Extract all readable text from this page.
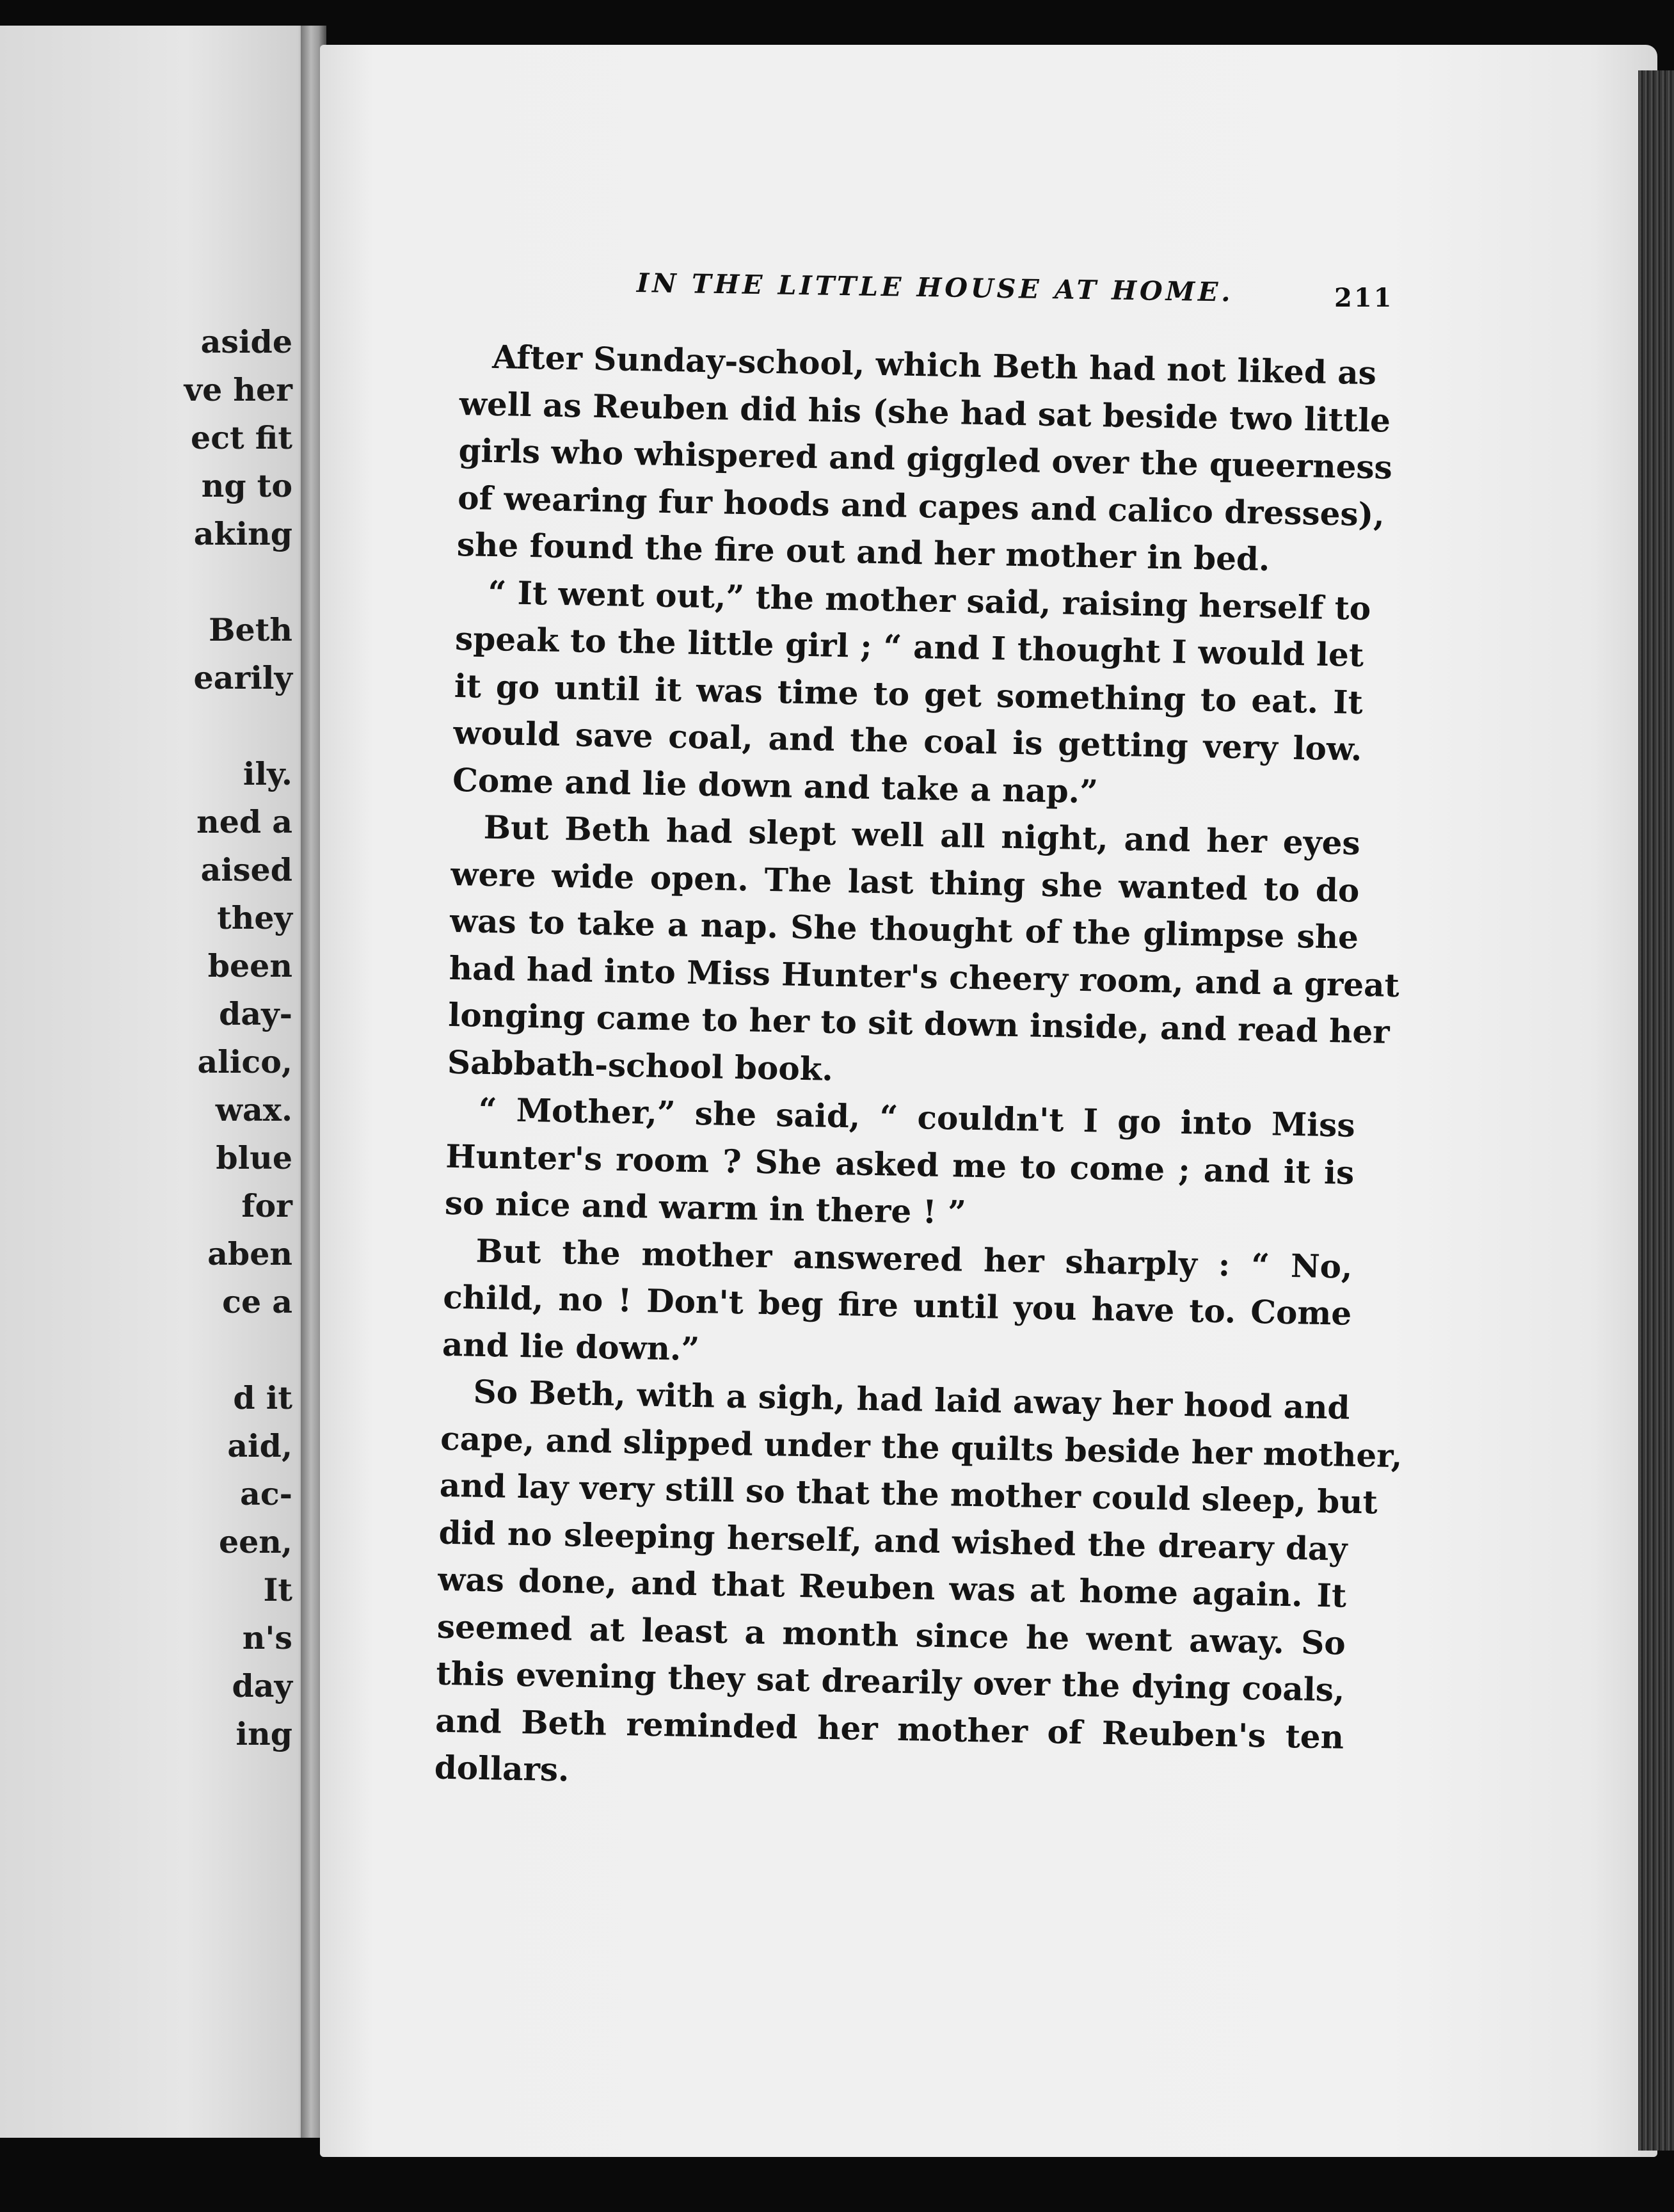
aside
ve her
ect fit
ng to
aking
Beth
earily
ily.
ned a
aised
they
been
day-
alico,
wax.
blue
for
aben
ce a
d it
aid,
ac-
een,
It
n's
day
ing
IN THE LITTLE HOUSE AT HOME.	211
After Sunday-school, which Beth had not liked as
well as Reuben did his (she had sat beside two little
girls who whispered and giggled over the queerness
of wearing fur hoods and capes and calico dresses),
she found the fire out and her mother in bed.
“ It went out,” the mother said, raising herself to
speak to the little girl ; “ and I thought I would let
it go until it was time to get something to eat. It
would save coal, and the coal is getting very low.
Come and lie down and take a nap.”
But Beth had slept well all night, and her eyes
were wide open. The last thing she wanted to do
was to take a nap. She thought of the glimpse she
had had into Miss Hunter's cheery room, and a great
longing came to her to sit down inside, and read her
Sabbath-school book.
“ Mother,” she said, “ couldn't I go into Miss
Hunter's room ? She asked me to come ; and it is
so nice and warm in there ! ”
But the mother answered her sharply : “ No,
child, no ! Don't beg fire until you have to. Come
and lie down.”
So Beth, with a sigh, had laid away her hood and
cape, and slipped under the quilts beside her mother,
and lay very still so that the mother could sleep, but
did no sleeping herself, and wished the dreary day
was done, and that Reuben was at home again. It
seemed at least a month since he went away. So
this evening they sat drearily over the dying coals,
and Beth reminded her mother of Reuben's ten
dollars.
